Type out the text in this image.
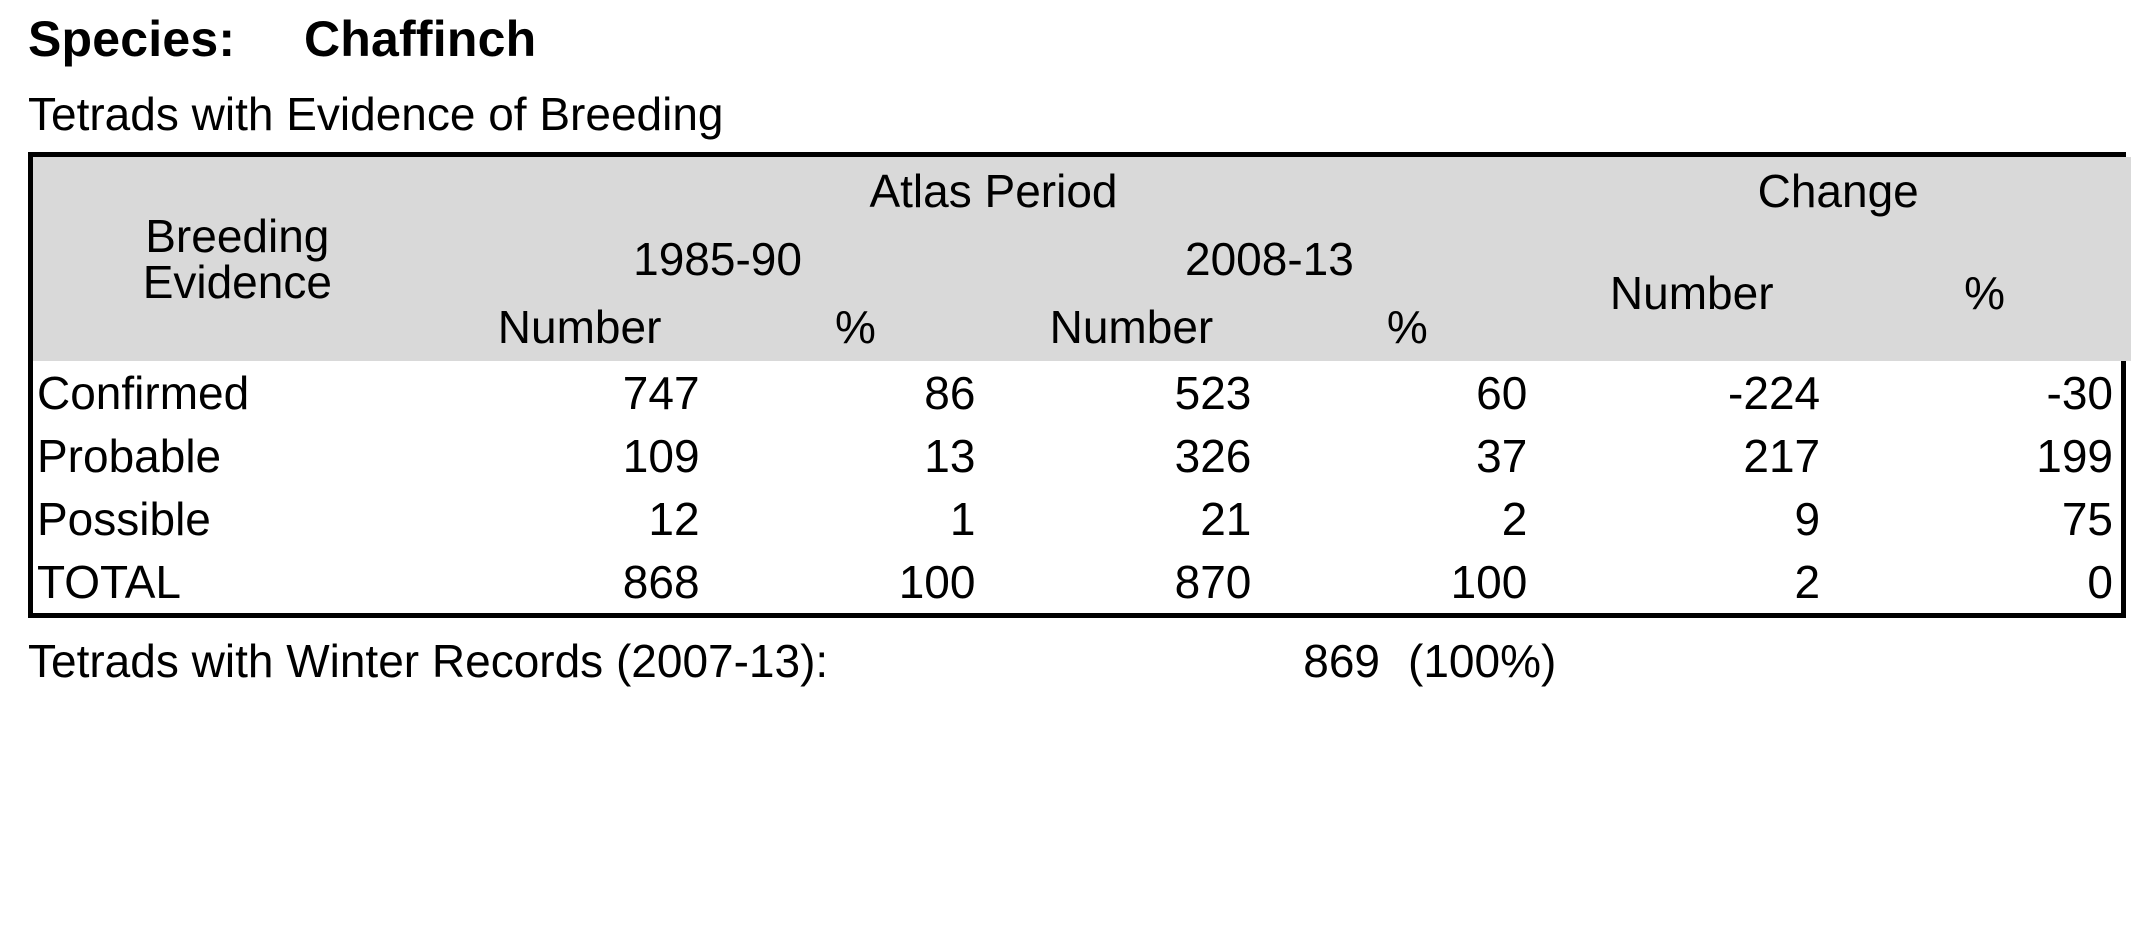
Species:	Chaffinch
Tetrads with Evidence of Breeding
Breeding
Evidence	Atlas Period				Change	
	1985-90		2008-13		Number	%
	Number	%	Number	%		
Confirmed	747	86	523	60	-224	-30
Probable	109	13	326	37	217	199
Possible	12	1	21	2	9	75
TOTAL	868	100	870	100	2	0
Tetrads with Winter Records (2007-13):	869 (100%)
